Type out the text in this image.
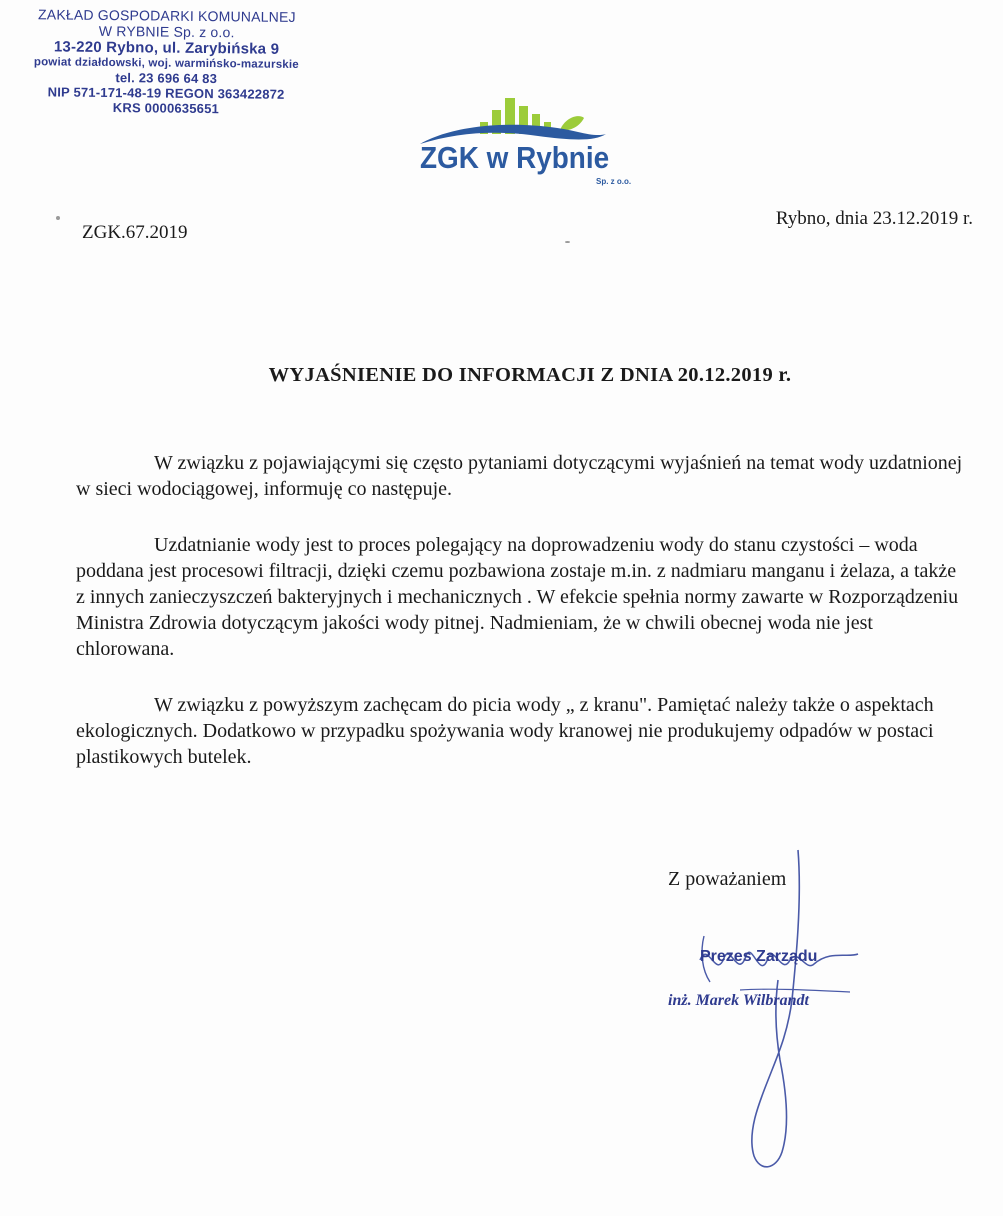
ZAKŁAD GOSPODARKI KOMUNALNEJ
W RYBNIE Sp. z o.o.
13-220 Rybno, ul. Zarybińska 9
powiat działdowski, woj. warmińsko-mazurskie
tel. 23 696 64 83
NIP 571-171-48-19 REGON 363422872
KRS 0000635651
ZGK w Rybnie
Sp. z o.o.
ZGK.67.2019
Rybno, dnia 23.12.2019 r.
WYJAŚNIENIE DO INFORMACJI Z DNIA 20.12.2019 r.

W związku z pojawiającymi się często pytaniami dotyczącymi wyjaśnień na temat wody uzdatnionej w sieci wodociągowej, informuję co następuje.

Uzdatnianie wody jest to proces polegający na doprowadzeniu wody do stanu czystości – woda poddana jest procesowi filtracji, dzięki czemu pozbawiona zostaje m.in. z nadmiaru manganu i żelaza, a także z innych zanieczyszczeń bakteryjnych i mechanicznych . W efekcie spełnia normy zawarte w Rozporządzeniu Ministra Zdrowia dotyczącym jakości wody pitnej. Nadmieniam, że w chwili obecnej woda nie jest chlorowana.

W związku z powyższym zachęcam do picia wody „ z kranu". Pamiętać należy także o aspektach ekologicznych. Dodatkowo w przypadku spożywania wody kranowej nie produkujemy odpadów w postaci plastikowych butelek.

Z poważaniem
Prezes Zarządu
inż. Marek Wilbrandt
